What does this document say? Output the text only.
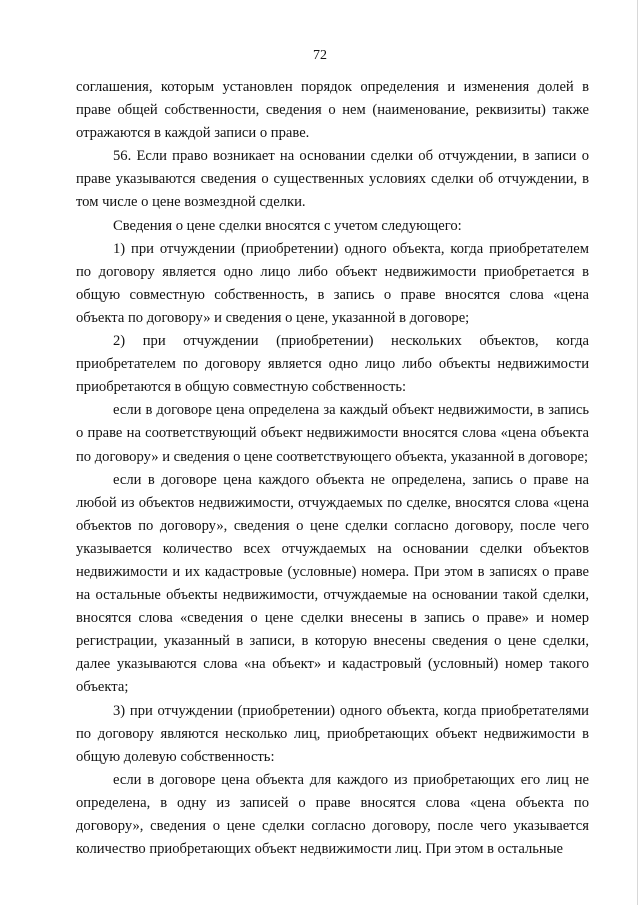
72

соглашения, которым установлен порядок определения и изменения долей в праве общей собственности, сведения о нем (наименование, реквизиты) также отражаются в каждой записи о праве.

56. Если право возникает на основании сделки об отчуждении, в записи о праве указываются сведения о существенных условиях сделки об отчуждении, в том числе о цене возмездной сделки.

Сведения о цене сделки вносятся с учетом следующего:

1) при отчуждении (приобретении) одного объекта, когда приобретателем по договору является одно лицо либо объект недвижимости приобретается в общую совместную собственность, в запись о праве вносятся слова «цена объекта по договору» и сведения о цене, указанной в договоре;

2) при отчуждении (приобретении) нескольких объектов, когда приобретателем по договору является одно лицо либо объекты недвижимости приобретаются в общую совместную собственность:

если в договоре цена определена за каждый объект недвижимости, в запись о праве на соответствующий объект недвижимости вносятся слова «цена объекта по договору» и сведения о цене соответствующего объекта, указанной в договоре;

если в договоре цена каждого объекта не определена, запись о праве на любой из объектов недвижимости, отчуждаемых по сделке, вносятся слова «цена объектов по договору», сведения о цене сделки согласно договору, после чего указывается количество всех отчуждаемых на основании сделки объектов недвижимости и их кадастровые (условные) номера. При этом в записях о праве на остальные объекты недвижимости, отчуждаемые на основании такой сделки, вносятся слова «сведения о цене сделки внесены в запись о праве» и номер регистрации, указанный в записи, в которую внесены сведения о цене сделки, далее указываются слова «на объект» и кадастровый (условный) номер такого объекта;

3) при отчуждении (приобретении) одного объекта, когда приобретателями по договору являются несколько лиц, приобретающих объект недвижимости в общую долевую собственность:

если в договоре цена объекта для каждого из приобретающих его лиц не определена, в одну из записей о праве вносятся слова «цена объекта по договору», сведения о цене сделки согласно договору, после чего указывается количество приобретающих объект недвижимости лиц. При этом в остальные
